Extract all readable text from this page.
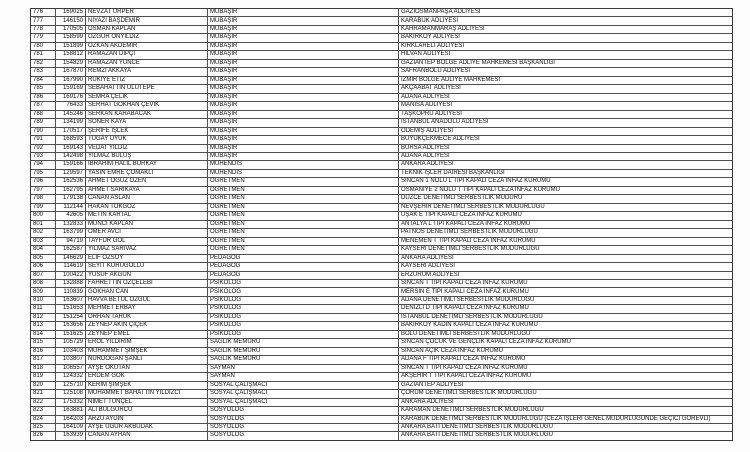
776	169025 NEVZAT ÜRPER	MÜBAŞİR	GAZİOSMANPAŞA ADLİYESİ
777	146150 NİYAZİ BAŞDEMİR	MÜBAŞİR	KARABÜK ADLİYESİ
778	170505 OSMAN KAPLAN	MÜBAŞİR	KAHRAMANMARAŞ ADLİYESİ
779	158599 ÖZGÜR ÖNYILDIZ	MÜBAŞİR	BAKIRKÖY ADLİYESİ
780	151899 ÖZKAN AKDEMİR	MÜBAŞİR	KIRKLARELİ ADLİYESİ
781	158812 RAMAZAN DİPÇİ	MÜBAŞİR	HİLVAN ADLİYESİ
782	154829 RAMAZAN YÜNCE	MÜBAŞİR	GAZİANTEP BÖLGE ADLİYE MAHKEMESİ BAŞKANLIĞI
783	167870 REMZİ AKKAYA	MÜBAŞİR	SAFRANBOLU ADLİYESİ
784	167990 RUKİYE ETİZ	MÜBAŞİR	İZMİR BÖLGE ADLİYE MAHKEMESİ
785	159169 SEBAHATTİN ULUTEPE	MÜBAŞİR	AKÇAABAT ADLİYESİ
786	169176 SEMRA ÇELİK	MÜBAŞİR	ADANA ADLİYESİ
787	76433 SERHAT GÖKHAN ÇEVİK	MÜBAŞİR	MANİSA ADLİYESİ
788	145246 SERKAN KARABACAK	MÜBAŞİR	TAŞKÖPRÜ ADLİYESİ
789	134199 SONER KAYA	MÜBAŞİR	İSTANBUL ANADOLU ADLİYESİ
790	170517 ŞERİFE İŞLEK	MÜBAŞİR	ÖDEMİŞ ADLİYESİ
791	168593 TUGAY UYUK	MÜBAŞİR	BÜYÜKÇEKMECE ADLİYESİ
792	169143 VEDAT YILDIZ	MÜBAŞİR	BURSA ADLİYESİ
793	142498 YILMAZ BULUŞ	MÜBAŞİR	ADANA ADLİYESİ
794	159166 İBRAHİM HALİL BURKAY	MÜHENDİS	ANKARA ADLİYESİ
795	129597 YASİN EMRE ÇOMAKLI	MÜHENDİS	TEKNİK İŞLER DAİRESİ BAŞKANLIĞI
796	162536 AHMET OĞUZ ÖZEN	ÖĞRETMEN	SİNCAN 1 NOLU L TİPİ KAPALI CEZA İNFAZ KURUMU
797	162795 AHMET SARIKAYA	ÖĞRETMEN	OSMANİYE 2 NOLU T TİPİ KAPALI CEZA İNFAZ KURUMU
798	179138 CANAN ASLAN	ÖĞRETMEN	DÜZCE DENETİMLİ SERBESTLİK MÜDÜRÜ
799	112144 HAKAN TOKGÖZ	ÖĞRETMEN	NEVŞEHİR DENETİMLİ SERBESTLİK MÜDÜRLÜĞÜ
800	42605 METİN KARTAL	ÖĞRETMEN	UŞAK E TİPİ KAPALI CEZA İNFAZ KURUMU
801	132833 MÜNCİ KAPLAN	ÖĞRETMEN	ANTALYA L TİPİ KAPALI CEZA İNFAZ KURUMU
802	163799 ÖMER AVCI	ÖĞRETMEN	PATNOS DENETİMLİ SERBESTLİK MÜDÜRLÜĞÜ
803	94719 TAYFUR GÖL	ÖĞRETMEN	MENEMEN T TİPİ KAPALI CEZA İNFAZ KURUMU
804	162587 YILMAZ SARIVAZ	ÖĞRETMEN	KAYSERİ DENETİMLİ SERBESTLİK MÜDÜRLÜĞÜ
805	146629 ELİF ÖZSOY	PEDAGOG	ANKARA ADLİYESİ
806	114619 SEYİT KURUGÖLLÜ	PEDAGOG	KAYSERİ ADLİYESİ
807	100422 YUSUF AKGÜN	PEDAGOG	ERZURUM ADLİYESİ
808	132888 FAHRETTİN ÖZÇELEBİ	PSİKOLOG	SİNCAN T TİPİ KAPALI CEZA İNFAZ KURUMU
809	110839 GÖKHAN CAN	PSİKOLOG	MERSİN E TİPİ KAPALI CEZA İNFAZ KURUMU
810	163607 HAVVA BETÜL ÖZGÜL	PSİKOLOG	ADANA DENETİMLİ SERBESTLİK MÜDÜRLÜĞÜ
811	151653 MEHMET ERBAY	PSİKOLOG	DENİZLİ D TİPİ KAPALI CEZA İNFAZ KURUMU
812	151254 ORHAN TARUK	PSİKOLOG	İSTANBUL DENETİMLİ SERBESTLİK MÜDÜRLÜĞÜ
813	163656 ZEYNEP AKIN ÇİÇEK	PSİKOLOG	BAKIRKÖY KADIN KAPALI CEZA İNFAZ KURUMU
814	151625 ZEYNEP EMEL	PSİKOLOG	BOLU DENETİMLİ SERBESTLİK MÜDÜRLÜĞÜ
815	105729 EROL YILDIRIM	SAĞLIK MEMURU	SİNCAN ÇOCUK VE GENÇLİK KAPALI CEZA İNFAZ KURUMU
816	103403 MUHAMMET ŞİMŞEK	SAĞLIK MEMURU	SİNCAN AÇIK CEZA İNFAZ KURUMU
817	103807 NURDOĞAN ŞANLI	SAĞLIK MEMURU	ADANA F TİPİ KAPALI CEZA İNFAZ KURUMU
818	106557 AYŞE OKUTAN	SAYMAN	SİNCAN T TİPİ KAPALI CEZA İNFAZ KURUMU
819	124332 ERDEM GÖK	SAYMAN	AKŞEHİR T TİPİ KAPALI CEZA İNFAZ KURUMU
820	125710 KERİM ŞİMŞEK	SOSYAL ÇALIŞMACI	GAZİANTEP ADLİYESİ
821	125108 MUHAMMET BAHATTİN YILDIZCI	SOSYAL ÇALIŞMACI	ÇORUM DENETİMLİ SERBESTLİK MÜDÜRLÜĞÜ
822	175332 NİMET TUNÇEL	SOSYAL ÇALIŞMACI	ANKARA ADLİYESİ
823	163881 ALİ BULGURCU	SOSYOLOG	KARAMAN DENETİMLİ SERBESTLİK MÜDÜRLÜĞÜ
824	164203 ARZU AYDIN	SOSYOLOG	KARABÜK DENETİMLİ SERBESTLİK MÜDÜRLÜĞÜ (CEZA İŞLERİ GENEL MÜDÜRLÜĞÜNDE GEÇİCİ GÖREVLİ)
825	164109 AYŞE UĞUR AKBUDAK	SOSYOLOG	ANKARA BATI DENETİMLİ SERBESTLİK MÜDÜRLÜĞÜ
826	163939 CANAN AYHAN	SOSYOLOG	ANKARA BATI DENETİMLİ SERBESTLİK MÜDÜRLÜĞÜ
